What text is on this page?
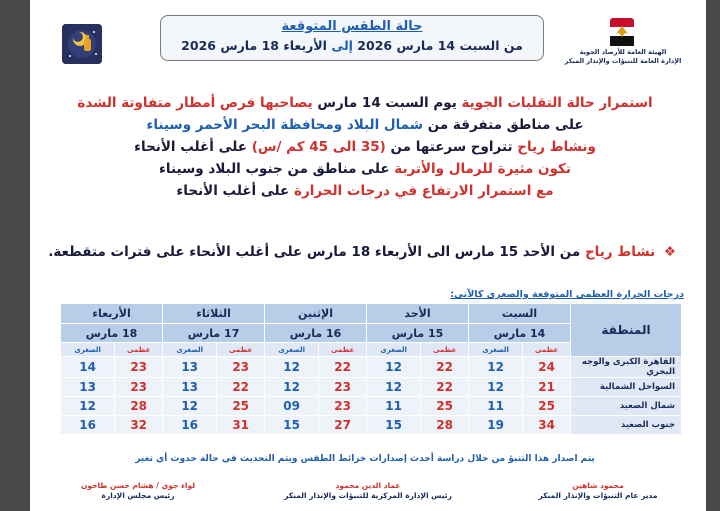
حالة الطقس المتوقعة
من السبت 14 مارس 2026 إلى الأربعاء 18 مارس 2026	الهيئة العامة للأرصاد الجوية
الإدارة العامة للتنبؤات والإنذار المبكر
استمرار حالة التقلبات الجوية يوم السبت 14 مارس يصاحبها فرص أمطار متفاوتة الشدة
على مناطق متفرقة من شمال البلاد ومحافظة البحر الأحمر وسيناء
ونشاط رياح تتراوح سرعتها من (35 الى 45 كم /س) على أغلب الأنحاء
تكون مثيرة للرمال والأتربة على مناطق من جنوب البلاد وسيناء
مع استمرار الارتفاع في درجات الحرارة على أغلب الأنحاء
❖ نشاط رياح من الأحد 15 مارس الى الأربعاء 18 مارس على أغلب الأنحاء على فترات متقطعة.
درجات الحرارة العظمى المتوقعة والصغرى كالآتى:
المنطقة	السبت		الأحد		الإثنين		الثلاثاء		الأربعاء	
	14 مارس		15 مارس		16 مارس		17 مارس		18 مارس	
	عظمى	الصغرى	عظمى	الصغرى	عظمى	الصغرى	عظمى	الصغرى	عظمى	الصغرى
القاهرة الكبرى والوجه البحري	24	12	22	12	22	12	23	13	23	14
السواحل الشمالية	21	12	22	12	23	12	22	13	23	13
شمال الصعيد	25	11	25	11	23	09	25	12	28	12
جنوب الصعيد	34	19	28	15	27	15	31	16	32	16
يتم اصدار هذا التنبؤ من خلال دراسة أحدث إصدارات خرائط الطقس ويتم التحديث في حالة حدوث أي تغير
محمود شاهين
مدير عام التنبؤات والإنذار المبكر
عماد الدين محمود
رئيس الإدارة المركزية للتنبؤات والإنذار المبكر
لواء جوي / هشام حسن طاحون
رئيس مجلس الإدارة
